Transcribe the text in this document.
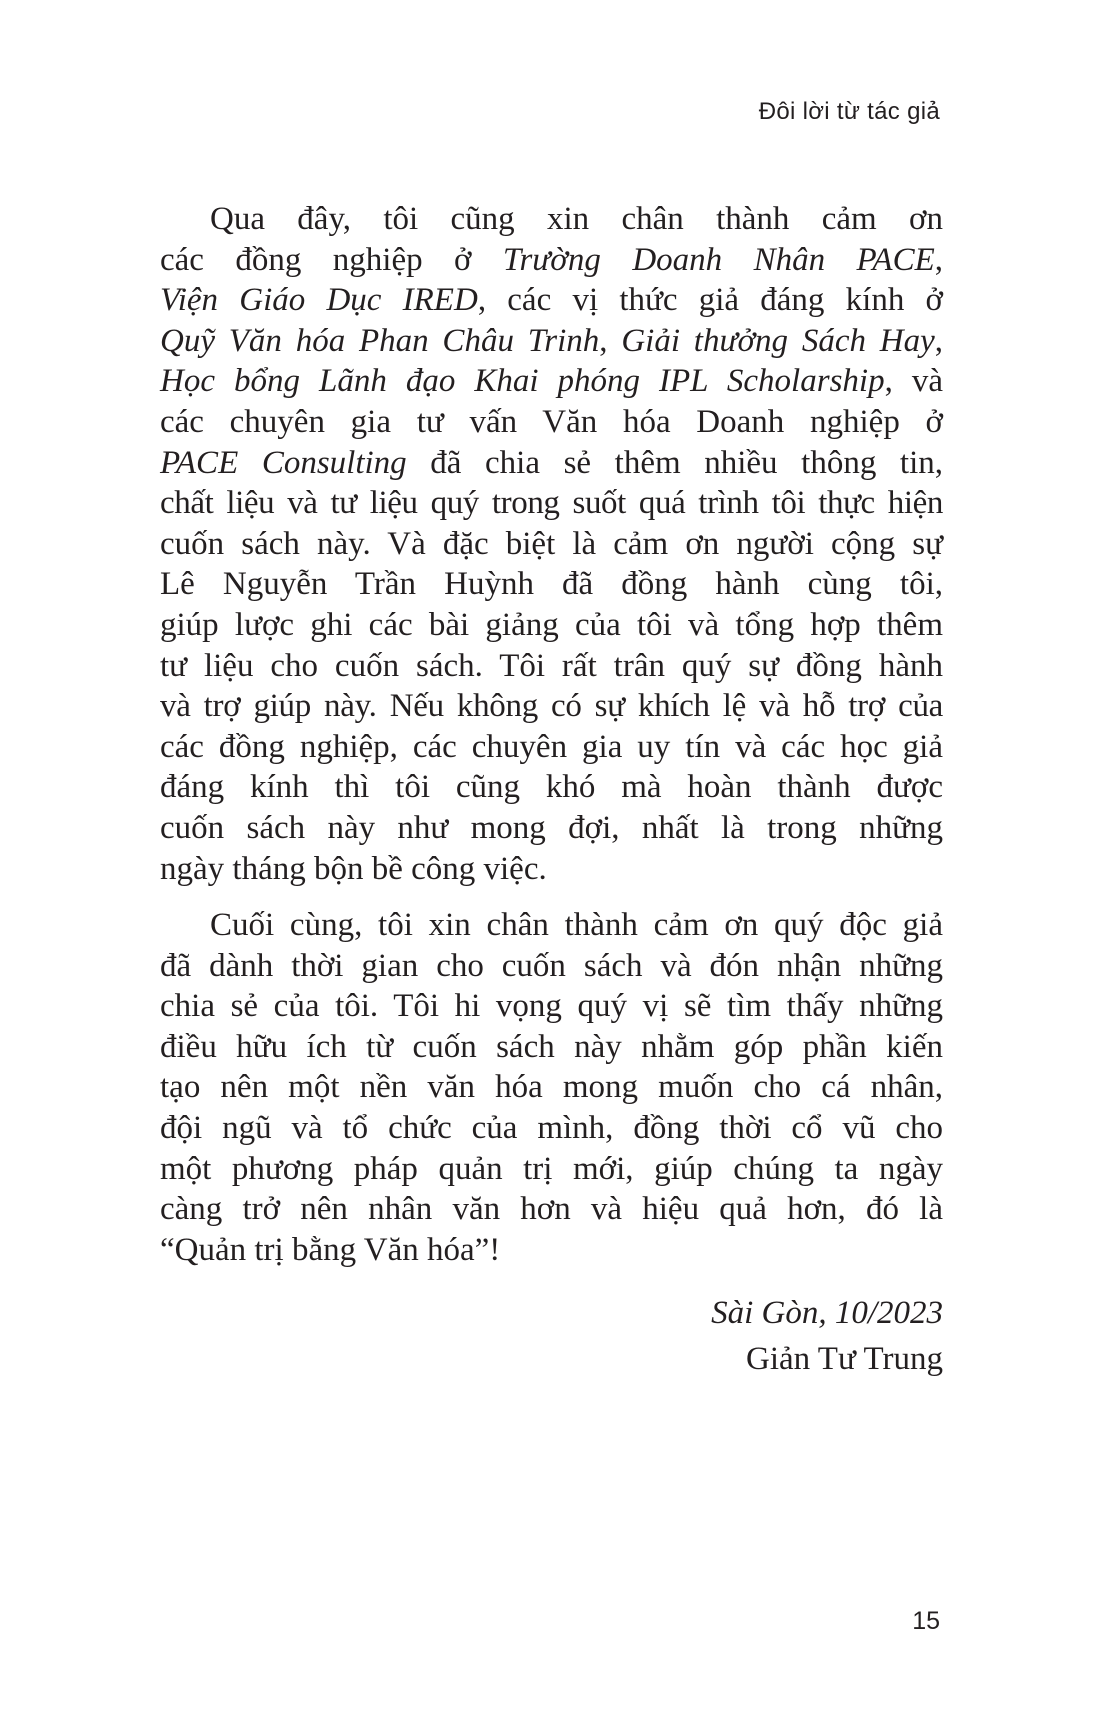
Đôi lời từ tác giả

Qua đây, tôi cũng xin chân thành cảm ơn
các đồng nghiệp ở Trường Doanh Nhân PACE,
Viện Giáo Dục IRED, các vị thức giả đáng kính ở
Quỹ Văn hóa Phan Châu Trinh, Giải thưởng Sách Hay,
Học bổng Lãnh đạo Khai phóng IPL Scholarship, và
các chuyên gia tư vấn Văn hóa Doanh nghiệp ở
PACE Consulting đã chia sẻ thêm nhiều thông tin,
chất liệu và tư liệu quý trong suốt quá trình tôi thực hiện
cuốn sách này. Và đặc biệt là cảm ơn người cộng sự
Lê Nguyễn Trần Huỳnh đã đồng hành cùng tôi,
giúp lược ghi các bài giảng của tôi và tổng hợp thêm
tư liệu cho cuốn sách. Tôi rất trân quý sự đồng hành
và trợ giúp này. Nếu không có sự khích lệ và hỗ trợ của
các đồng nghiệp, các chuyên gia uy tín và các học giả
đáng kính thì tôi cũng khó mà hoàn thành được
cuốn sách này như mong đợi, nhất là trong những
ngày tháng bộn bề công việc.

Cuối cùng, tôi xin chân thành cảm ơn quý độc giả
đã dành thời gian cho cuốn sách và đón nhận những
chia sẻ của tôi. Tôi hi vọng quý vị sẽ tìm thấy những
điều hữu ích từ cuốn sách này nhằm góp phần kiến
tạo nên một nền văn hóa mong muốn cho cá nhân,
đội ngũ và tổ chức của mình, đồng thời cổ vũ cho
một phương pháp quản trị mới, giúp chúng ta ngày
càng trở nên nhân văn hơn và hiệu quả hơn, đó là
“Quản trị bằng Văn hóa”!

Sài Gòn, 10/2023
Giản Tư Trung
15
